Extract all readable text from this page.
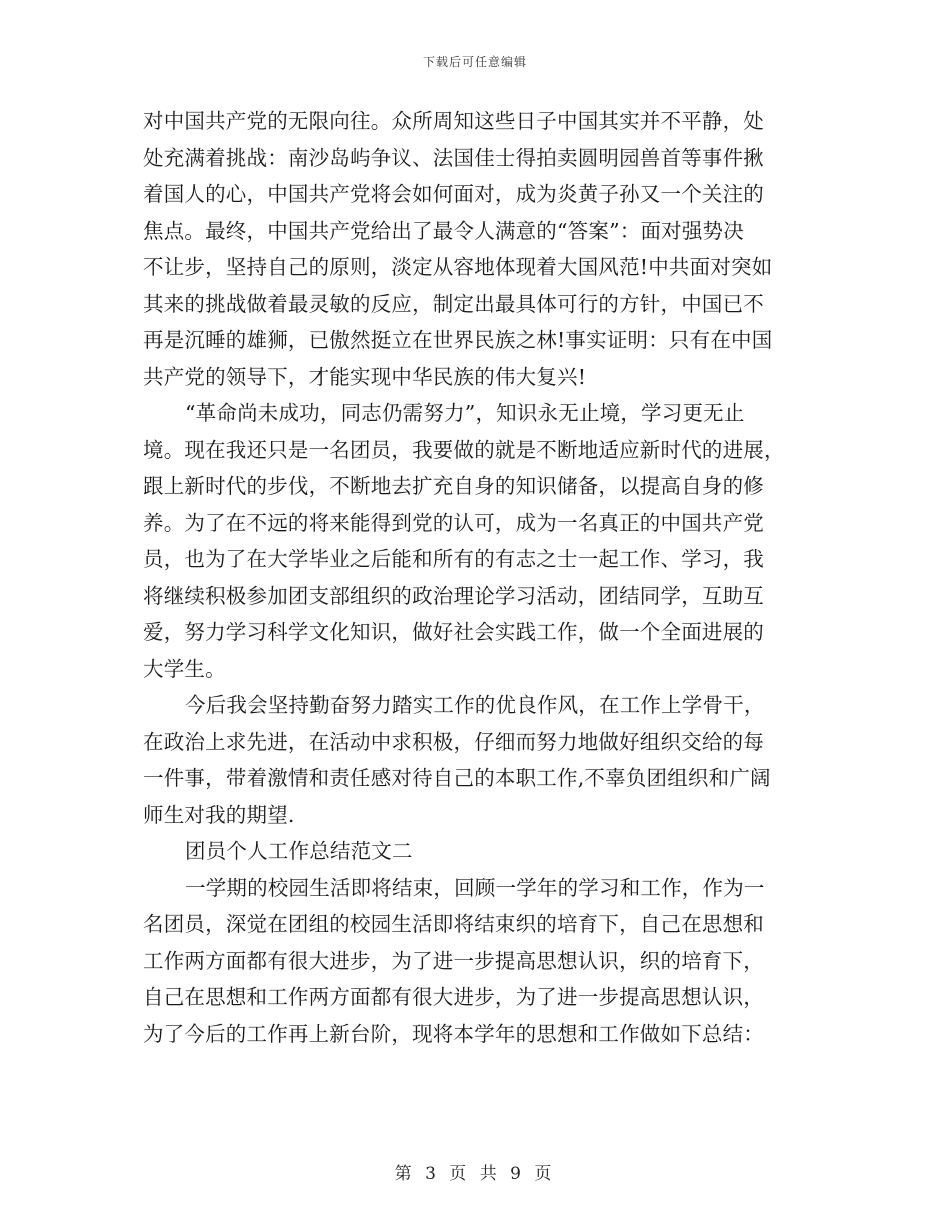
下载后可任意编辑
对中国共产党的无限向往。众所周知这些日子中国其实并不平静，处
处充满着挑战：南沙岛屿争议、法国佳士得拍卖圆明园兽首等事件揪
着国人的心，中国共产党将会如何面对，成为炎黄子孙又一个关注的
焦点。最终，中国共产党给出了最令人满意的“答案”：面对强势决
不让步，坚持自己的原则，淡定从容地体现着大国风范!中共面对突如
其来的挑战做着最灵敏的反应，制定出最具体可行的方针，中国已不
再是沉睡的雄狮，已傲然挺立在世界民族之林!事实证明：只有在中国
共产党的领导下，才能实现中华民族的伟大复兴!
“革命尚未成功，同志仍需努力”，知识永无止境，学习更无止
境。现在我还只是一名团员，我要做的就是不断地适应新时代的进展，
跟上新时代的步伐，不断地去扩充自身的知识储备，以提高自身的修
养。为了在不远的将来能得到党的认可，成为一名真正的中国共产党
员，也为了在大学毕业之后能和所有的有志之士一起工作、学习，我
将继续积极参加团支部组织的政治理论学习活动，团结同学，互助互
爱，努力学习科学文化知识，做好社会实践工作，做一个全面进展的
大学生。
今后我会坚持勤奋努力踏实工作的优良作风，在工作上学骨干，
在政治上求先进，在活动中求积极，仔细而努力地做好组织交给的每
一件事，带着激情和责任感对待自己的本职工作,不辜负团组织和广阔
师生对我的期望.
团员个人工作总结范文二
一学期的校园生活即将结束，回顾一学年的学习和工作，作为一
名团员，深觉在团组的校园生活即将结束织的培育下，自己在思想和
工作两方面都有很大进步，为了进一步提高思想认识，织的培育下，
自己在思想和工作两方面都有很大进步，为了进一步提高思想认识，
为了今后的工作再上新台阶，现将本学年的思想和工作做如下总结：
第 3 页 共 9 页
